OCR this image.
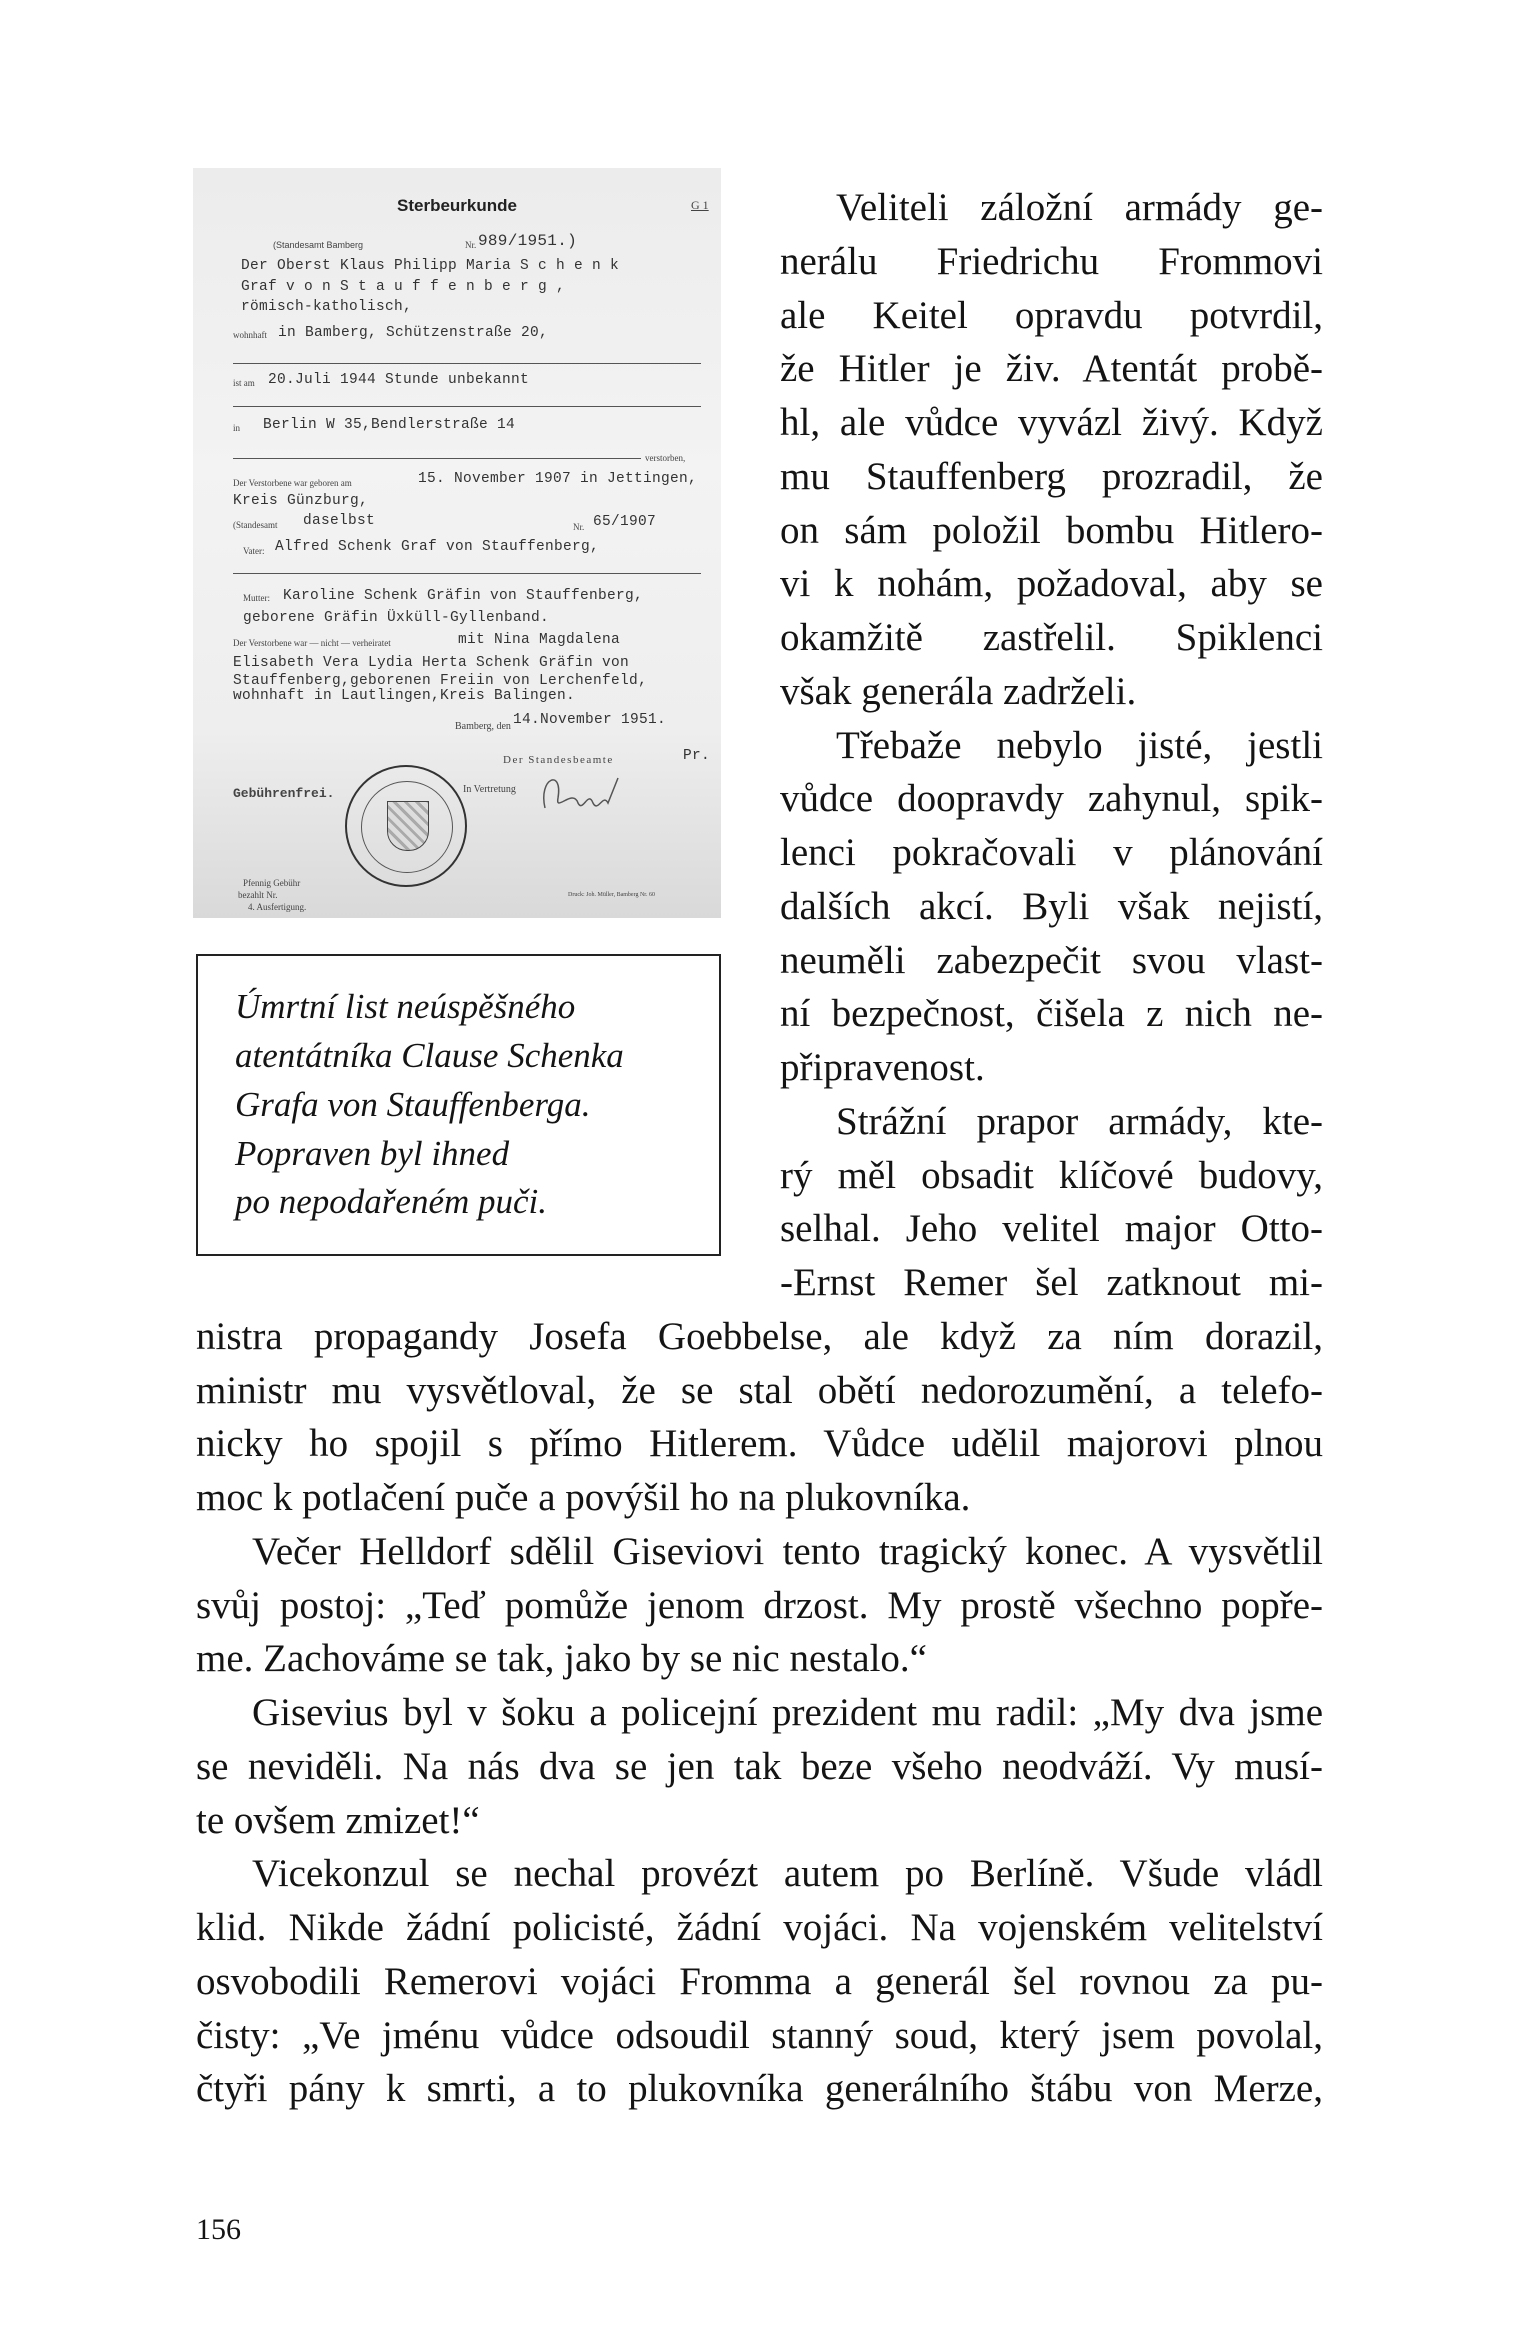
Sterbeurkunde	G 1
(Standesamt Bamberg	Nr. 989/1951.)
Der Oberst Klaus Philipp Maria S c h e n k
Graf v o n S t a u f f e n b e r g ,
römisch-katholisch,
wohnhaft in Bamberg, Schützenstraße 20,
ist am 20.Juli 1944 Stunde unbekannt
in Berlin W 35,Bendlerstraße 14
verstorben,
Der Verstorbene war geboren am	15. November 1907 in Jettingen,
Kreis Günzburg,
(Standesamt daselbst	Nr. 65/1907
Vater: Alfred Schenk Graf von Stauffenberg,
Mutter: Karoline Schenk Gräfin von Stauffenberg,
geborene Gräfin Üxküll-Gyllenband.
Der Verstorbene war — nicht — verheiratet	mit Nina Magdalena
Elisabeth Vera Lydia Herta Schenk Gräfin von
Stauffenberg,geborenen Freiin von Lerchenfeld,
wohnhaft in Lautlingen,Kreis Balingen.
Bamberg, den 14.November 1951.
Der Standesbeamte	Pr.
Gebührenfrei.	In Vertretung
Pfennig Gebühr
bezahlt Nr.
4. Ausfertigung.
Druck: Joh. Müller, Bamberg Nr. 60
Úmrtní list neúspěšného
atentátníka Clause Schenka
Grafa von Stauffenberga.
Popraven byl ihned
po nepodařeném puči.
Veliteli záložní armády ge-
nerálu Friedrichu Frommovi
ale Keitel opravdu potvrdil,
že Hitler je živ. Atentát probě-
hl, ale vůdce vyvázl živý. Když
mu Stauffenberg prozradil, že
on sám položil bombu Hitlero-
vi k nohám, požadoval, aby se
okamžitě zastřelil. Spiklenci
však generála zadrželi.
Třebaže nebylo jisté, jestli
vůdce doopravdy zahynul, spik-
lenci pokračovali v plánování
dalších akcí. Byli však nejistí,
neuměli zabezpečit svou vlast-
ní bezpečnost, čišela z nich ne-
připravenost.
Strážní prapor armády, kte-
rý měl obsadit klíčové budovy,
selhal. Jeho velitel major Otto-
-Ernst Remer šel zatknout mi-
nistra propagandy Josefa Goebbelse, ale když za ním dorazil,
ministr mu vysvětloval, že se stal obětí nedorozumění, a telefo-
nicky ho spojil s přímo Hitlerem. Vůdce udělil majorovi plnou
moc k potlačení puče a povýšil ho na plukovníka.
Večer Helldorf sdělil Giseviovi tento tragický konec. A vysvětlil
svůj postoj: „Teď pomůže jenom drzost. My prostě všechno popře-
me. Zachováme se tak, jako by se nic nestalo.“
Gisevius byl v šoku a policejní prezident mu radil: „My dva jsme
se neviděli. Na nás dva se jen tak beze všeho neodváží. Vy musí-
te ovšem zmizet!“
Vicekonzul se nechal provézt autem po Berlíně. Všude vládl
klid. Nikde žádní policisté, žádní vojáci. Na vojenském velitelství
osvobodili Remerovi vojáci Fromma a generál šel rovnou za pu-
čisty: „Ve jménu vůdce odsoudil stanný soud, který jsem povolal,
čtyři pány k smrti, a to plukovníka generálního štábu von Merze,
156
